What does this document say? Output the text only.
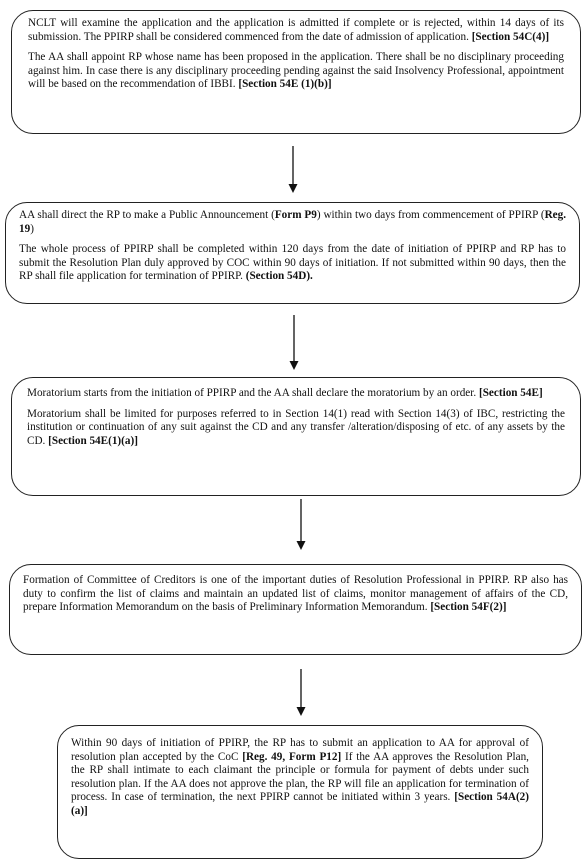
NCLT will examine the application and the application is admitted if complete or is rejected, within 14 days of its submission. The PPIRP shall be considered commenced from the date of admission of application. [Section 54C(4)]

The AA shall appoint RP whose name has been proposed in the application. There shall be no disciplinary proceeding against him. In case there is any disciplinary proceeding pending against the said Insolvency Professional, appointment will be based on the recommendation of IBBI. [Section 54E (1)(b)]

AA shall direct the RP to make a Public Announcement (Form P9) within two days from commencement of PPIRP (Reg. 19)

The whole process of PPIRP shall be completed within 120 days from the date of initiation of PPIRP and RP has to submit the Resolution Plan duly approved by COC within 90 days of initiation. If not submitted within 90 days, then the RP shall file application for termination of PPIRP. (Section 54D).

Moratorium starts from the initiation of PPIRP and the AA shall declare the moratorium by an order. [Section 54E]

Moratorium shall be limited for purposes referred to in Section 14(1) read with Section 14(3) of IBC, restricting the institution or continuation of any suit against the CD and any transfer /alteration/disposing of etc. of any assets by the CD. [Section 54E(1)(a)]

Formation of Committee of Creditors is one of the important duties of Resolution Professional in PPIRP. RP also has duty to confirm the list of claims and maintain an updated list of claims, monitor management of affairs of the CD, prepare Information Memorandum on the basis of Preliminary Information Memorandum. [Section 54F(2)]

Within 90 days of initiation of PPIRP, the RP has to submit an application to AA for approval of resolution plan accepted by the CoC [Reg. 49, Form P12] If the AA approves the Resolution Plan, the RP shall intimate to each claimant the principle or formula for payment of debts under such resolution plan. If the AA does not approve the plan, the RP will file an application for termination of process. In case of termination, the next PPIRP cannot be initiated within 3 years. [Section 54A(2)(a)]
